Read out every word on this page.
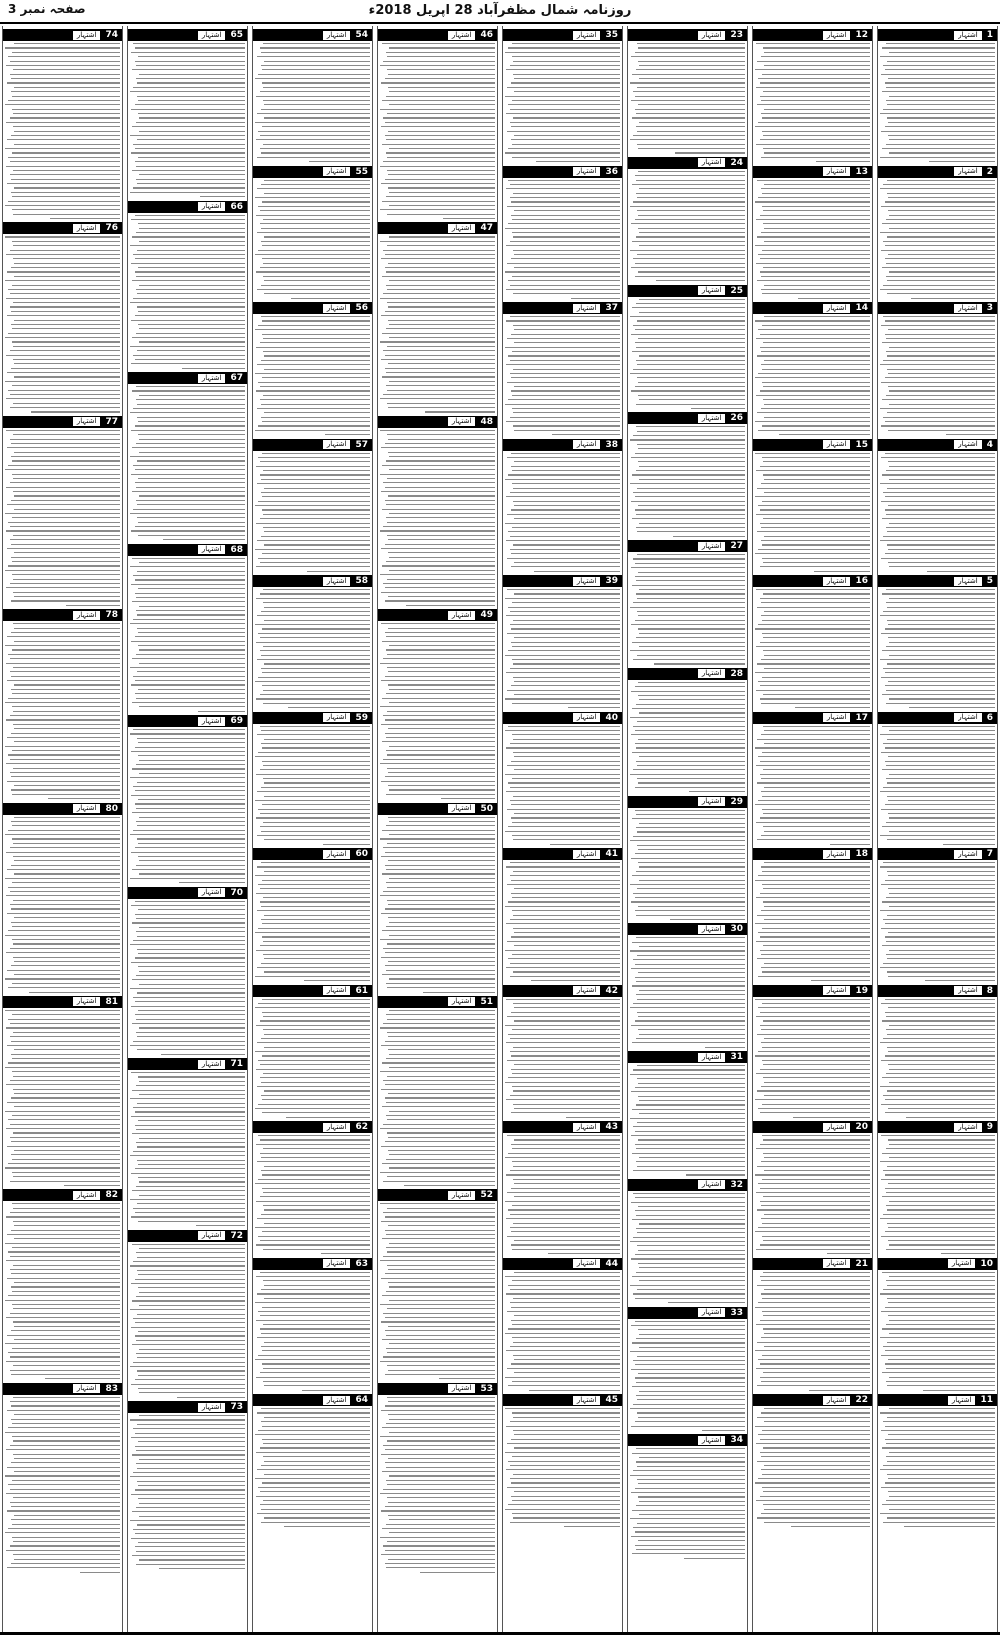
صفحہ نمبر 3	روزنامہ شمال مظفرآباد 28 اپریل 2018ء
اشتہار	74
اشتہار	76
اشتہار	77
اشتہار	78
اشتہار	80
اشتہار	81
اشتہار	82
اشتہار	83
اشتہار	65
اشتہار	66
اشتہار	67
اشتہار	68
اشتہار	69
اشتہار	70
اشتہار	71
اشتہار	72
اشتہار	73
اشتہار	54
اشتہار	55
اشتہار	56
اشتہار	57
اشتہار	58
اشتہار	59
اشتہار	60
اشتہار	61
اشتہار	62
اشتہار	63
اشتہار	64
اشتہار	46
اشتہار	47
اشتہار	48
اشتہار	49
اشتہار	50
اشتہار	51
اشتہار	52
اشتہار	53
اشتہار	35
اشتہار	36
اشتہار	37
اشتہار	38
اشتہار	39
اشتہار	40
اشتہار	41
اشتہار	42
اشتہار	43
اشتہار	44
اشتہار	45
اشتہار	23
اشتہار	24
اشتہار	25
اشتہار	26
اشتہار	27
اشتہار	28
اشتہار	29
اشتہار	30
اشتہار	31
اشتہار	32
اشتہار	33
اشتہار	34
اشتہار	12
اشتہار	13
اشتہار	14
اشتہار	15
اشتہار	16
اشتہار	17
اشتہار	18
اشتہار	19
اشتہار	20
اشتہار	21
اشتہار	22
اشتہار	1
اشتہار	2
اشتہار	3
اشتہار	4
اشتہار	5
اشتہار	6
اشتہار	7
اشتہار	8
اشتہار	9
اشتہار	10
اشتہار	11
